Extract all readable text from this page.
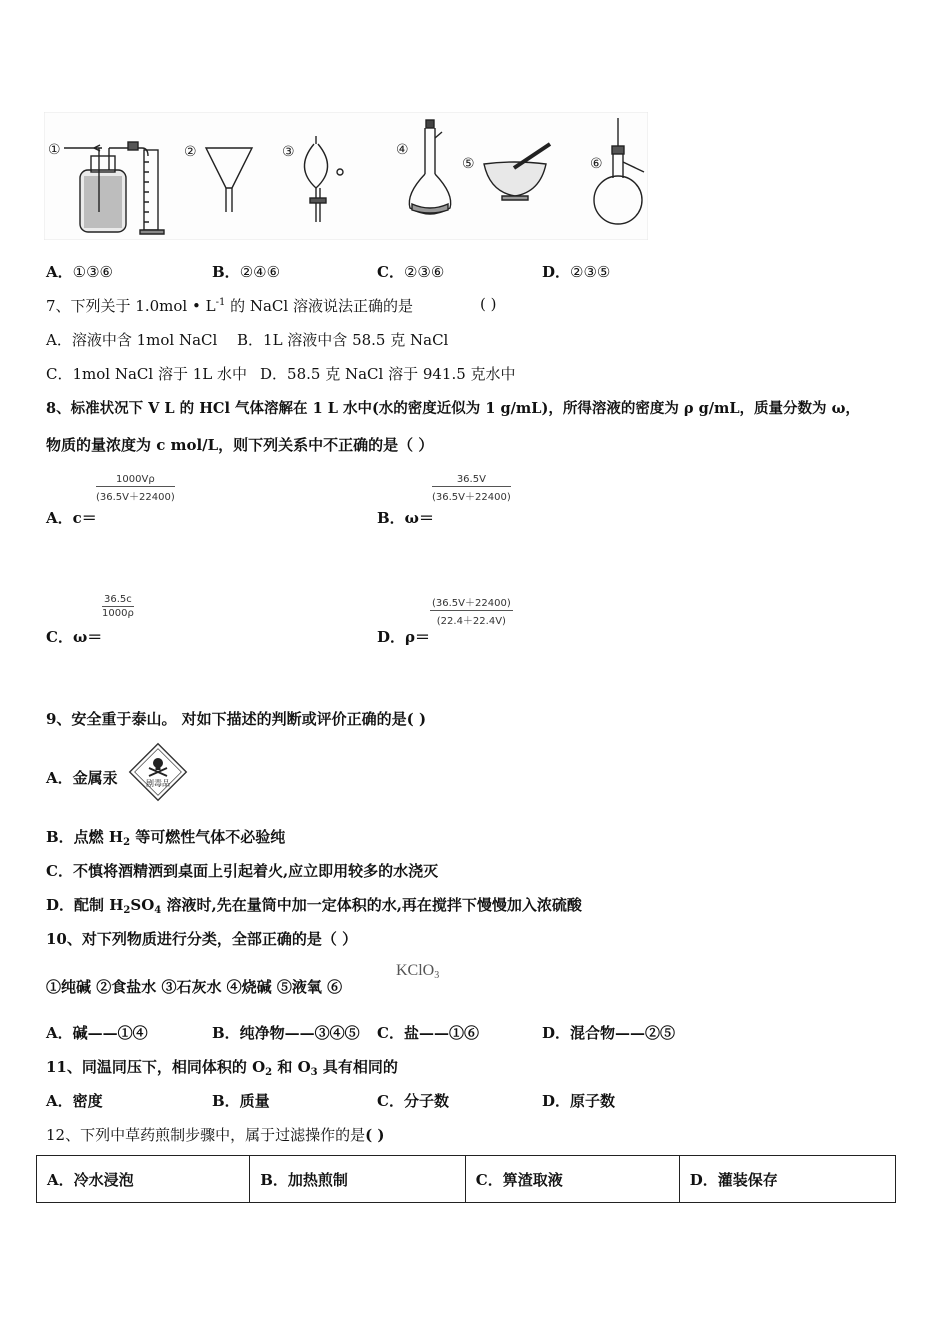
①	②	③	④
⑤	⑥
A．①③⑥	B．②④⑥	C．②③⑥	D．②③⑤
7、下列关于 1.0mol • $L^{-1}$ 的 NaCl 溶液说法正确的是	( )
A．溶液中含 1mol NaCl B．1L 溶液中含 58.5 克 NaCl
C．1mol NaCl 溶于 1L 水中 D．58.5 克 NaCl 溶于 941.5 克水中
8、标准状况下 V L 的 HCl 气体溶解在 1 L 水中(水的密度近似为 1 g/mL)，所得溶液的密度为 ρ g/mL，质量分数为 ω，
物质的量浓度为 c mol/L，则下列关系中不正确的是（ ）
$\frac{1000V\rho}{(36.5V+22400)}$
A．c＝
$\frac{36.5V}{(36.5V+22400)}$
B．ω＝
$\frac{36.5c}{1000\rho}$
C．ω＝
$\frac{(36.5V+22400)}{(22.4+22.4V)}$
D．ρ＝
9、安全重于泰山。 对如下描述的判断或评价正确的是( )
A．金属汞	剧毒品
B．点燃 $H_2$ 等可燃性气体不必验纯
C．不慎将酒精洒到桌面上引起着火,应立即用较多的水浇灭
D．配制 $H_2SO_4$ 溶液时,先在量筒中加一定体积的水,再在搅拌下慢慢加入浓硫酸
10、对下列物质进行分类，全部正确的是（ ）
①纯碱 ②食盐水 ③石灰水 ④烧碱 ⑤液氧 ⑥
KClO$_3$
A．碱——①④	B．纯净物——③④⑤ C．盐——①⑥	D．混合物——②⑤
11、同温同压下，相同体积的 $O_2$ 和 $O_3$ 具有相同的
A．密度	B．质量	C．分子数	D．原子数
12、下列中草药煎制步骤中，属于过滤操作的是( )
A．冷水浸泡	B．加热煎制	C．箅渣取液	D．灌装保存
